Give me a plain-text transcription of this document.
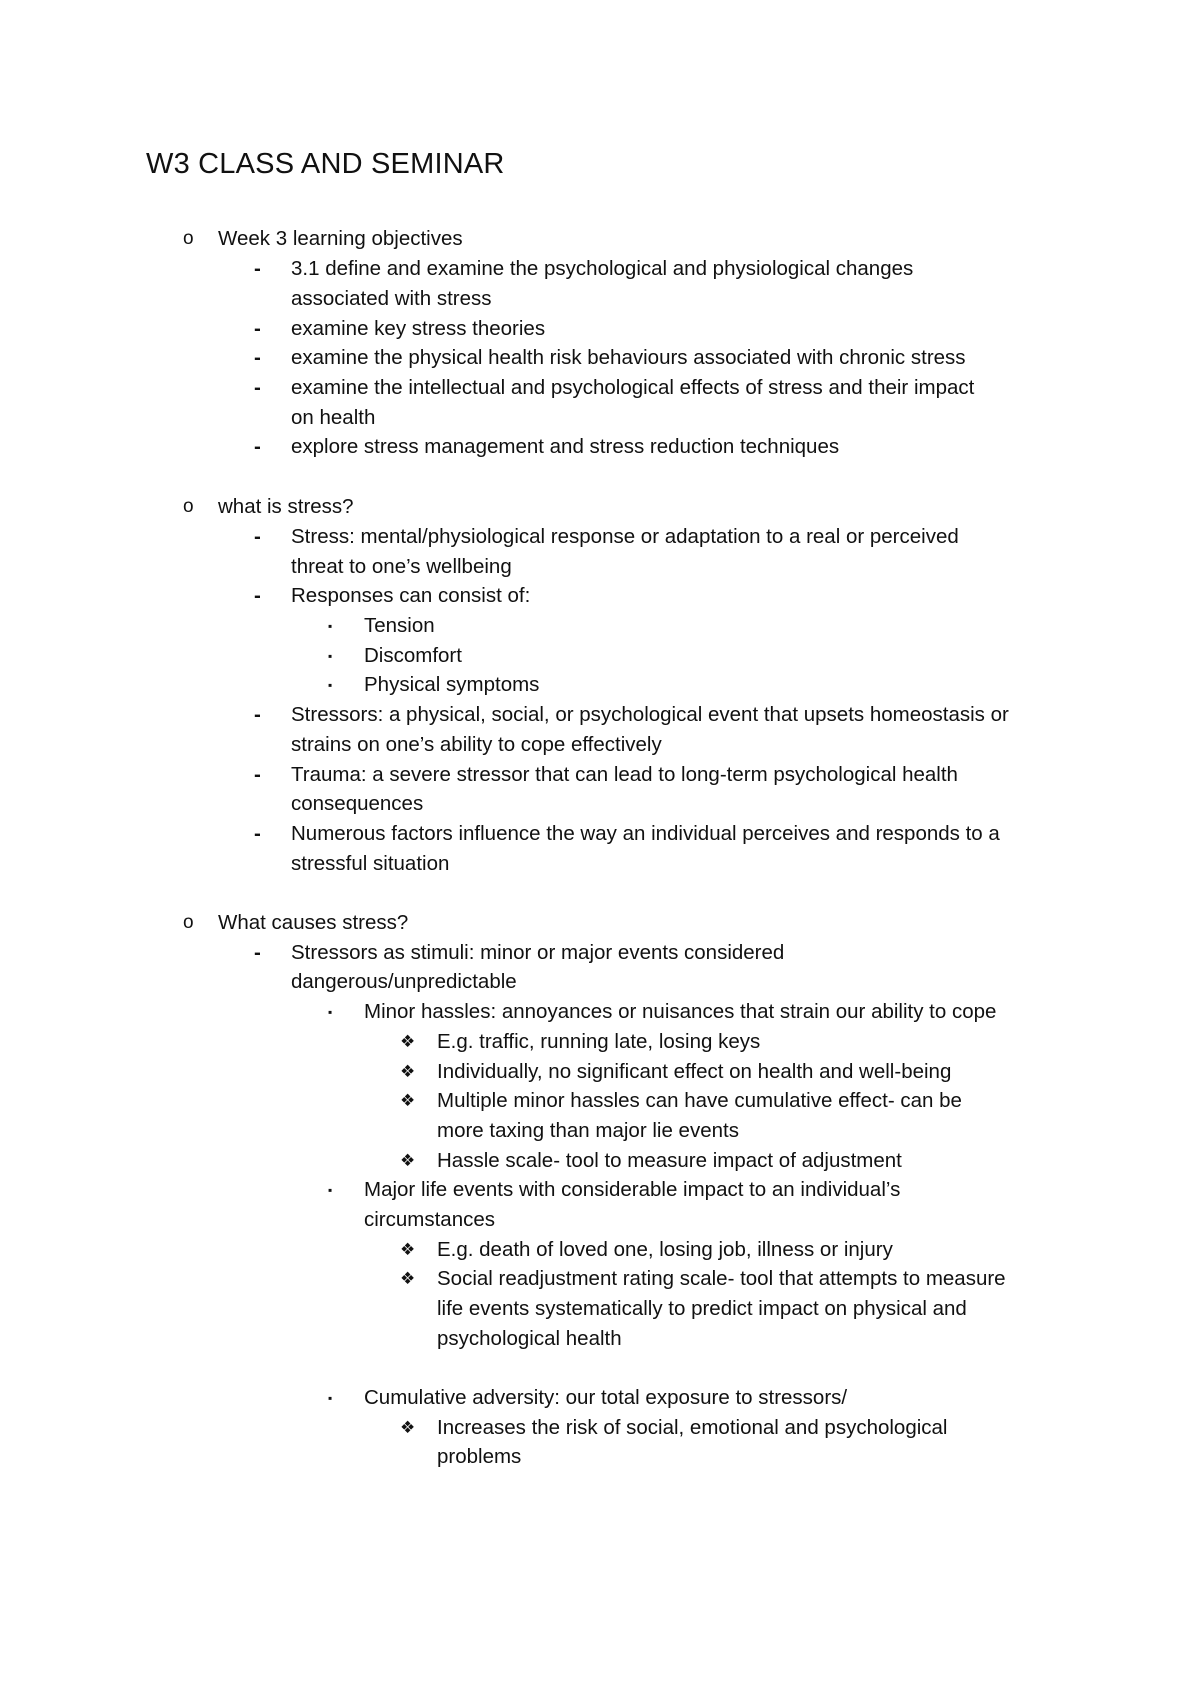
W3 CLASS AND SEMINAR
o Week 3 learning objectives
- 3.1 define and examine the psychological and physiological changes
associated with stress
- examine key stress theories
- examine the physical health risk behaviours associated with chronic stress
- examine the intellectual and psychological effects of stress and their impact
on health
- explore stress management and stress reduction techniques
o what is stress?
- Stress: mental/physiological response or adaptation to a real or perceived
threat to one’s wellbeing
- Responses can consist of:
▪ Tension
▪ Discomfort
▪ Physical symptoms
- Stressors: a physical, social, or psychological event that upsets homeostasis or
strains on one’s ability to cope effectively
- Trauma: a severe stressor that can lead to long-term psychological health
consequences
- Numerous factors influence the way an individual perceives and responds to a
stressful situation
o What causes stress?
- Stressors as stimuli: minor or major events considered
dangerous/unpredictable
▪ Minor hassles: annoyances or nuisances that strain our ability to cope
❖ E.g. traffic, running late, losing keys
❖ Individually, no significant effect on health and well-being
❖ Multiple minor hassles can have cumulative effect- can be
more taxing than major lie events
❖ Hassle scale- tool to measure impact of adjustment
▪ Major life events with considerable impact to an individual’s
circumstances
❖ E.g. death of loved one, losing job, illness or injury
❖ Social readjustment rating scale- tool that attempts to measure
life events systematically to predict impact on physical and
psychological health
▪ Cumulative adversity: our total exposure to stressors/
❖ Increases the risk of social, emotional and psychological
problems
